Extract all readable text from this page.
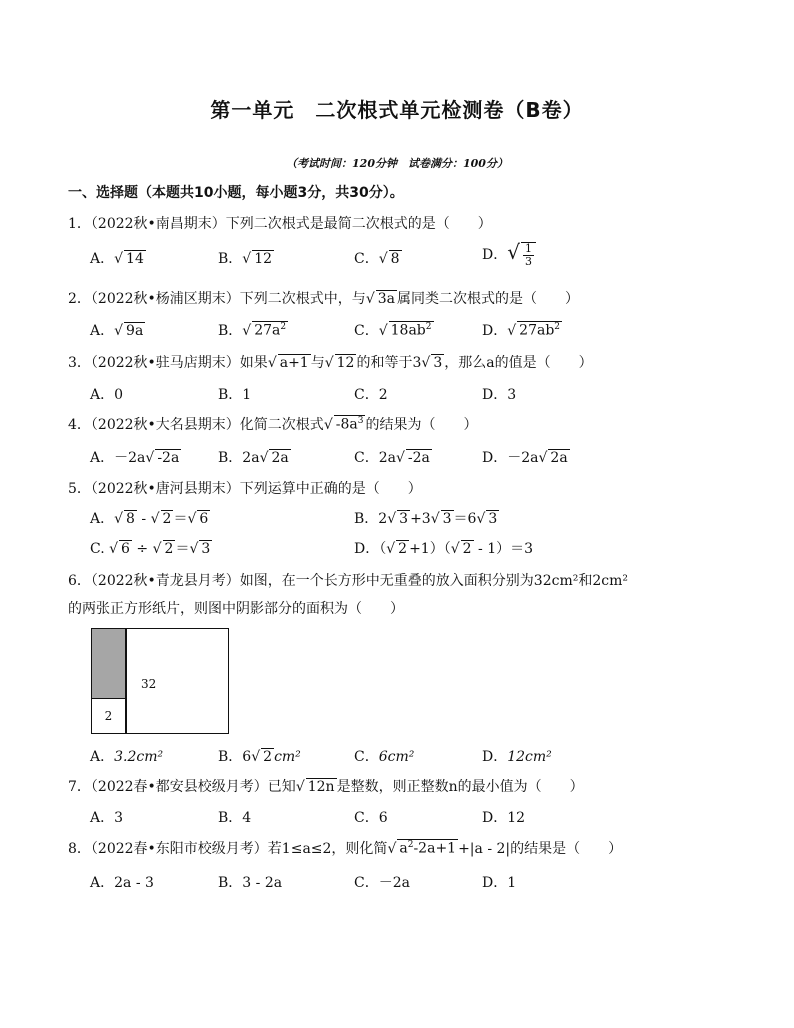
第一单元　二次根式单元检测卷（B卷）
（考试时间：120分钟　试卷满分：100分）
一、选择题（本题共10小题，每小题3分，共30分）。
1．（2022秋•南昌期末）下列二次根式是最简二次根式的是（　　）
A．√ 14	B．√ 12	C．√ 8	D．√ $\frac{1}{3}$
2．（2022秋•杨浦区期末）下列二次根式中，与√ 3a 属同类二次根式的是（　　）
A．√ 9a	B．√ $27a^2$	C．√ $18ab^2$	D．√ $27ab^2$
3．（2022秋•驻马店期末）如果√ a+1 与√ 12 的和等于3√ 3 ，那么a的值是（　　）
A．0	B．1	C．2	D．3
4．（2022秋•大名县期末）化简二次根式√ $-8a^3$ 的结果为（　　）
A．－2a√ -2a	B．2a√ 2a	C．2a√ -2a	D．－2a√ 2a
5．（2022秋•唐河县期末）下列运算中正确的是（　　）
A．√ 8 - √ 2 ＝√ 6	B．2√ 3 +3√ 3 ＝6√ 3
C. √ 6 ÷ √ 2 ＝√ 3	D．（√ 2 +1）（√ 2 - 1）＝3
6．（2022秋•青龙县月考）如图，在一个长方形中无重叠的放入面积分别为32cm²和2cm²
的两张正方形纸片，则图中阴影部分的面积为（　　）
2
32
A．3.2cm²	B．6√ 2 cm²	C．6cm²	D．12cm²
7．（2022春•都安县校级月考）已知√ 12n 是整数，则正整数n的最小值为（　　）
A．3	B．4	C．6	D．12
8．（2022春•东阳市校级月考）若1≤a≤2，则化简√ $a^2-2a+1 +|a - 2|$的结果是（　　）
A．2a - 3	B．3 - 2a	C．－2a	D．1
